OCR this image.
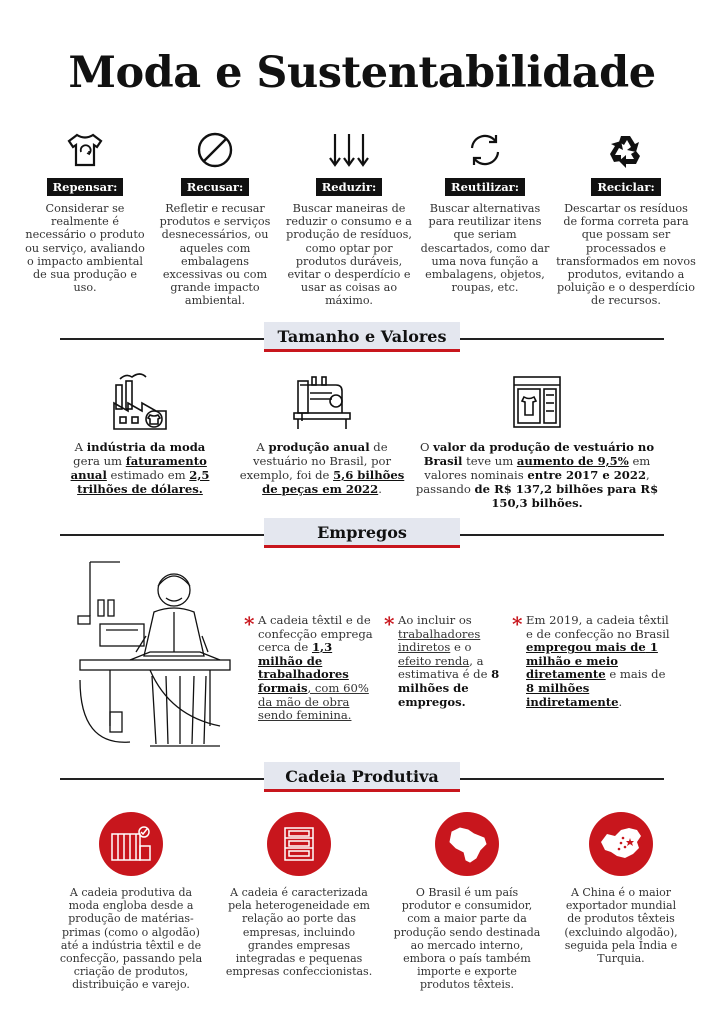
Moda e Sustentabilidade
Repensar:
Considerar se realmente é necessário o produto ou serviço, avaliando o impacto ambiental de sua produção e uso.
Recusar:
Refletir e recusar produtos e serviços desnecessários, ou aqueles com embalagens excessivas ou com grande impacto ambiental.
Reduzir:
Buscar maneiras de reduzir o consumo e a produção de resíduos, como optar por produtos duráveis, evitar o desperdício e usar as coisas ao máximo.
Reutilizar:
Buscar alternativas para reutilizar itens que seriam descartados, como dar uma nova função a embalagens, objetos, roupas, etc.
Reciclar:
Descartar os resíduos de forma correta para que possam ser processados e transformados em novos produtos, evitando a poluição e o desperdício de recursos.
Tamanho e Valores
A indústria da moda gera um faturamento anual estimado em 2,5 trilhões de dólares.
A produção anual de vestuário no Brasil, por exemplo, foi de 5,6 bilhões de peças em 2022.
O valor da produção de vestuário no Brasil teve um aumento de 9,5% em valores nominais entre 2017 e 2022, passando de R$ 137,2 bilhões para R$ 150,3 bilhões.
Empregos
* A cadeia têxtil e de confecção emprega cerca de 1,3 milhão de trabalhadores formais, com 60% da mão de obra sendo feminina.
* Ao incluir os trabalhadores indiretos e o efeito renda, a estimativa é de 8 milhões de empregos.
* Em 2019, a cadeia têxtil e de confecção no Brasil empregou mais de 1 milhão e meio diretamente e mais de 8 milhões indiretamente.
Cadeia Produtiva
A cadeia produtiva da moda engloba desde a produção de matérias-primas (como o algodão) até a indústria têxtil e de confecção, passando pela criação de produtos, distribuição e varejo.
A cadeia é caracterizada pela heterogeneidade em relação ao porte das empresas, incluindo grandes empresas integradas e pequenas empresas confeccionistas.
O Brasil é um país produtor e consumidor, com a maior parte da produção sendo destinada ao mercado interno, embora o país também importe e exporte produtos têxteis.
A China é o maior exportador mundial de produtos têxteis (excluindo algodão), seguida pela Índia e Turquia.
